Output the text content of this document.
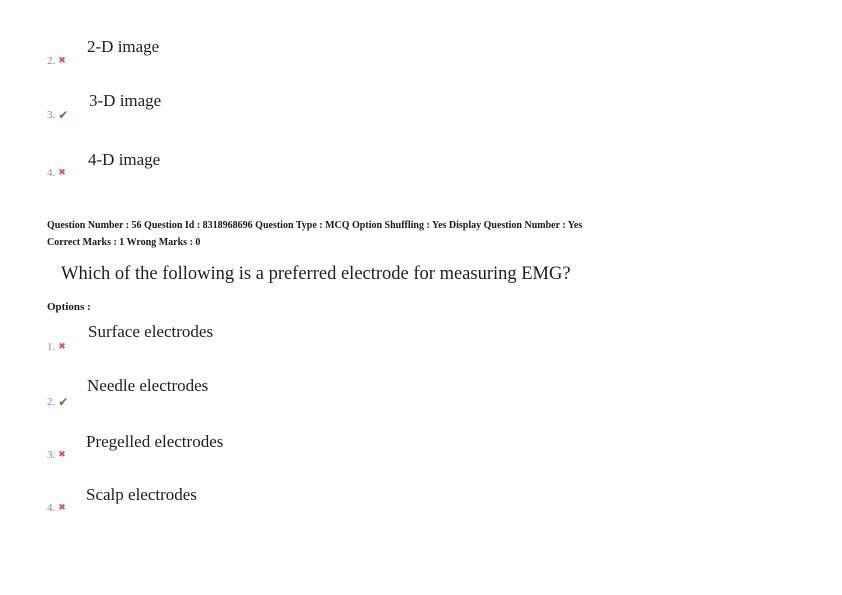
2-D image
2. ✖
3-D image
3. ✔
4-D image
4. ✖
Question Number : 56 Question Id : 8318968696 Question Type : MCQ Option Shuffling : Yes Display Question Number : Yes
Correct Marks : 1 Wrong Marks : 0
Which of the following is a preferred electrode for measuring EMG?
Options :
Surface electrodes
1. ✖
Needle electrodes
2. ✔
Pregelled electrodes
3. ✖
Scalp electrodes
4. ✖
